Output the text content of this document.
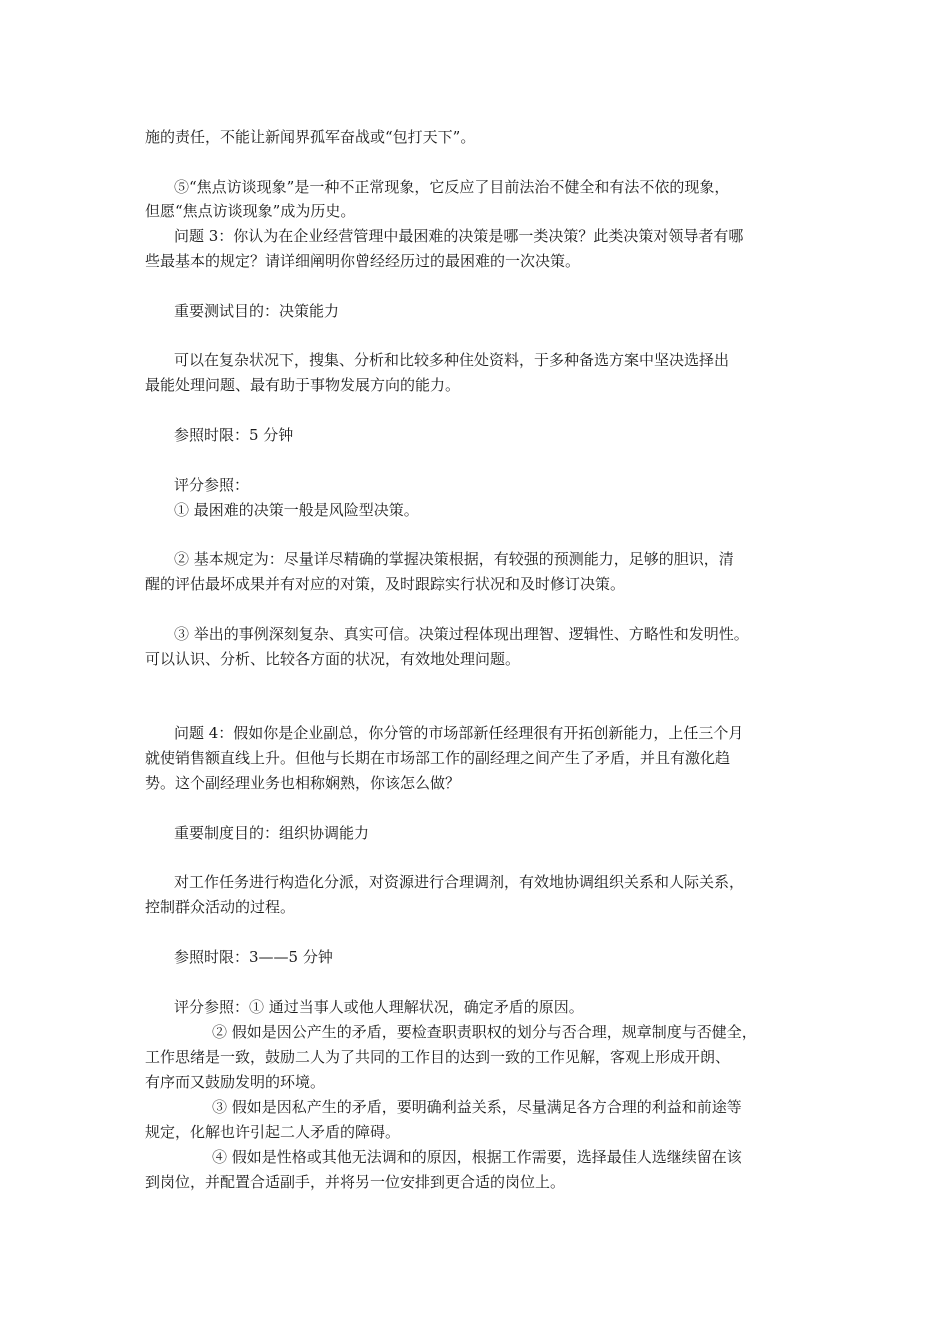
施的责任，不能让新闻界孤军奋战或“包打天下”。
⑤“焦点访谈现象”是一种不正常现象，它反应了目前法治不健全和有法不依的现象，
但愿“焦点访谈现象”成为历史。
问题 3：你认为在企业经营管理中最困难的决策是哪一类决策？此类决策对领导者有哪
些最基本的规定？请详细阐明你曾经经历过的最困难的一次决策。
重要测试目的：决策能力
可以在复杂状况下，搜集、分析和比较多种住处资料，于多种备选方案中坚决选择出
最能处理问题、最有助于事物发展方向的能力。
参照时限：5 分钟
评分参照：
① 最困难的决策一般是风险型决策。
② 基本规定为：尽量详尽精确的掌握决策根据，有较强的预测能力，足够的胆识，清
醒的评估最坏成果并有对应的对策，及时跟踪实行状况和及时修订决策。
③ 举出的事例深刻复杂、真实可信。决策过程体现出理智、逻辑性、方略性和发明性。
可以认识、分析、比较各方面的状况，有效地处理问题。
问题 4：假如你是企业副总，你分管的市场部新任经理很有开拓创新能力，上任三个月
就使销售额直线上升。但他与长期在市场部工作的副经理之间产生了矛盾，并且有激化趋
势。这个副经理业务也相称娴熟，你该怎么做？
重要制度目的：组织协调能力
对工作任务进行构造化分派，对资源进行合理调剂，有效地协调组织关系和人际关系，
控制群众活动的过程。
参照时限：3——5 分钟
评分参照：① 通过当事人或他人理解状况，确定矛盾的原因。
② 假如是因公产生的矛盾，要检查职责职权的划分与否合理，规章制度与否健全，
工作思绪是一致，鼓励二人为了共同的工作目的达到一致的工作见解，客观上形成开朗、
有序而又鼓励发明的环境。
③ 假如是因私产生的矛盾，要明确利益关系，尽量满足各方合理的利益和前途等
规定，化解也许引起二人矛盾的障碍。
④ 假如是性格或其他无法调和的原因，根据工作需要，选择最佳人选继续留在该
到岗位，并配置合适副手，并将另一位安排到更合适的岗位上。
